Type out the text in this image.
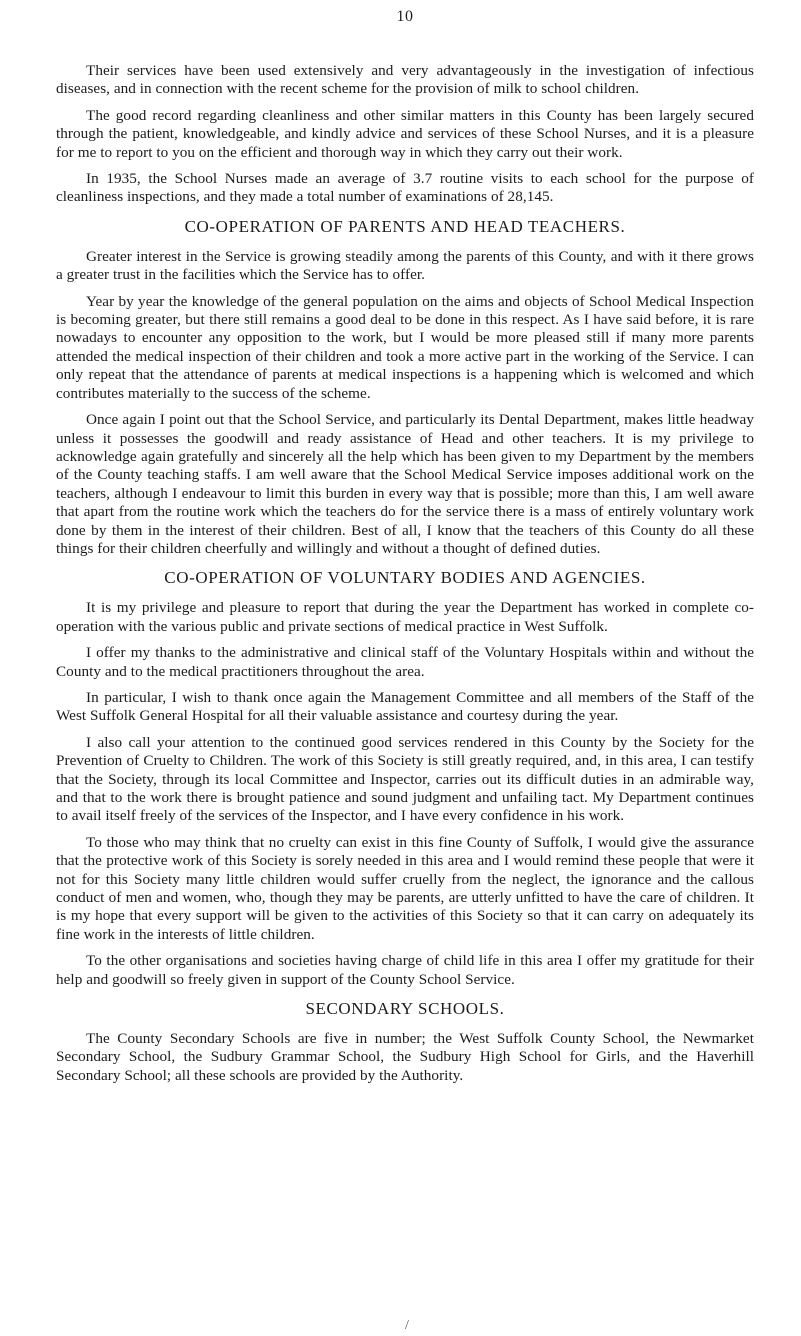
10

Their services have been used extensively and very advantageously in the investigation of infectious diseases, and in connection with the recent scheme for the provision of milk to school children.

The good record regarding cleanliness and other similar matters in this County has been largely secured through the patient, knowledgeable, and kindly advice and services of these School Nurses, and it is a pleasure for me to report to you on the efficient and thorough way in which they carry out their work.

In 1935, the School Nurses made an average of 3.7 routine visits to each school for the purpose of cleanliness inspections, and they made a total number of examinations of 28,145.

CO-OPERATION OF PARENTS AND HEAD TEACHERS.

Greater interest in the Service is growing steadily among the parents of this County, and with it there grows a greater trust in the facilities which the Service has to offer.

Year by year the knowledge of the general population on the aims and objects of School Medical Inspection is becoming greater, but there still remains a good deal to be done in this respect. As I have said before, it is rare nowadays to encounter any opposition to the work, but I would be more pleased still if many more parents attended the medical inspection of their children and took a more active part in the working of the Service. I can only repeat that the attendance of parents at medical inspections is a happening which is welcomed and which contributes materially to the success of the scheme.

Once again I point out that the School Service, and particularly its Dental Department, makes little headway unless it possesses the goodwill and ready assistance of Head and other teachers. It is my privilege to acknowledge again gratefully and sincerely all the help which has been given to my Department by the members of the County teaching staffs. I am well aware that the School Medical Service imposes additional work on the teachers, although I endeavour to limit this burden in every way that is possible; more than this, I am well aware that apart from the routine work which the teachers do for the service there is a mass of entirely voluntary work done by them in the interest of their children. Best of all, I know that the teachers of this County do all these things for their children cheerfully and willingly and without a thought of defined duties.

CO-OPERATION OF VOLUNTARY BODIES AND AGENCIES.

It is my privilege and pleasure to report that during the year the Department has worked in complete co-operation with the various public and private sections of medical practice in West Suffolk.

I offer my thanks to the administrative and clinical staff of the Voluntary Hospitals within and without the County and to the medical practitioners throughout the area.

In particular, I wish to thank once again the Management Committee and all members of the Staff of the West Suffolk General Hospital for all their valuable assistance and courtesy during the year.

I also call your attention to the continued good services rendered in this County by the Society for the Prevention of Cruelty to Children. The work of this Society is still greatly required, and, in this area, I can testify that the Society, through its local Committee and Inspector, carries out its difficult duties in an admirable way, and that to the work there is brought patience and sound judgment and unfailing tact. My Department continues to avail itself freely of the services of the Inspector, and I have every confidence in his work.

To those who may think that no cruelty can exist in this fine County of Suffolk, I would give the assurance that the protective work of this Society is sorely needed in this area and I would remind these people that were it not for this Society many little children would suffer cruelly from the neglect, the ignorance and the callous conduct of men and women, who, though they may be parents, are utterly unfitted to have the care of children. It is my hope that every support will be given to the activities of this Society so that it can carry on adequately its fine work in the interests of little children.

To the other organisations and societies having charge of child life in this area I offer my gratitude for their help and goodwill so freely given in support of the County School Service.

SECONDARY SCHOOLS.

The County Secondary Schools are five in number; the West Suffolk County School, the Newmarket Secondary School, the Sudbury Grammar School, the Sudbury High School for Girls, and the Haverhill Secondary School; all these schools are provided by the Authority.

/
